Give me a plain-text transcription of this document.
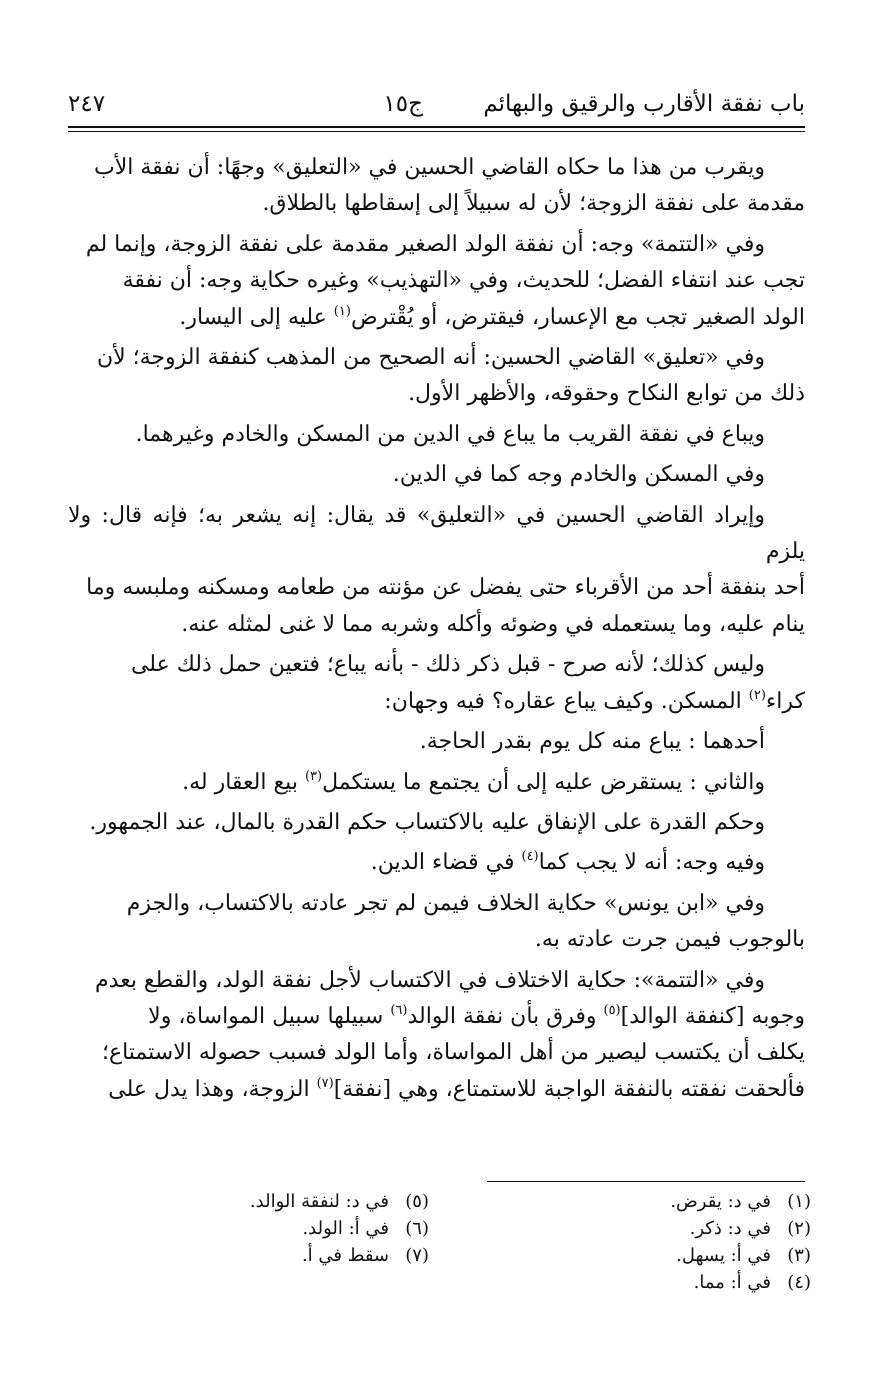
باب نفقة الأقارب والرقيق والبهائم
ج١٥
٢٤٧

ويقرب من هذا ما حكاه القاضي الحسين في «التعليق» وجهًا: أن نفقة الأب

مقدمة على نفقة الزوجة؛ لأن له سبيلاً إلى إسقاطها بالطلاق.

وفي «التتمة» وجه: أن نفقة الولد الصغير مقدمة على نفقة الزوجة، وإنما لم

تجب عند انتفاء الفضل؛ للحديث، وفي «التهذيب» وغيره حكاية وجه: أن نفقة

الولد الصغير تجب مع الإعسار، فيقترض، أو يُقْترض$^{(١)}$ عليه إلى اليسار.

وفي «تعليق» القاضي الحسين: أنه الصحيح من المذهب كنفقة الزوجة؛ لأن

ذلك من توابع النكاح وحقوقه، والأظهر الأول.

ويباع في نفقة القريب ما يباع في الدين من المسكن والخادم وغيرهما.

وفي المسكن والخادم وجه كما في الدين.

وإيراد القاضي الحسين في «التعليق» قد يقال: إنه يشعر به؛ فإنه قال: ولا يلزم

أحد بنفقة أحد من الأقرباء حتى يفضل عن مؤنته من طعامه ومسكنه وملبسه وما

ينام عليه، وما يستعمله في وضوئه وأكله وشربه مما لا غنى لمثله عنه.

وليس كذلك؛ لأنه صرح - قبل ذكر ذلك - بأنه يباع؛ فتعين حمل ذلك على

كراء$^{(٢)}$ المسكن. وكيف يباع عقاره؟ فيه وجهان:

أحدهما : يباع منه كل يوم بقدر الحاجة.

والثاني : يستقرض عليه إلى أن يجتمع ما يستكمل$^{(٣)}$ بيع العقار له.

وحكم القدرة على الإنفاق عليه بالاكتساب حكم القدرة بالمال، عند الجمهور.

وفيه وجه: أنه لا يجب كما$^{(٤)}$ في قضاء الدين.

وفي «ابن يونس» حكاية الخلاف فيمن لم تجر عادته بالاكتساب، والجزم

بالوجوب فيمن جرت عادته به.

وفي «التتمة»: حكاية الاختلاف في الاكتساب لأجل نفقة الولد، والقطع بعدم

وجوبه [كنفقة الوالد]$^{(٥)}$ وفرق بأن نفقة الوالد$^{(٦)}$ سبيلها سبيل المواساة، ولا

يكلف أن يكتسب ليصير من أهل المواساة، وأما الولد فسبب حصوله الاستمتاع؛

فألحقت نفقته بالنفقة الواجبة للاستمتاع، وهي [نفقة]$^{(٧)}$ الزوجة، وهذا يدل على

(١)في د: يقرض.
(٢)في د: ذكر.
(٣)في أ: يسهل.
(٤)في أ: مما.
(٥)في د: لنفقة الوالد.
(٦)في أ: الولد.
(٧)سقط في أ.
